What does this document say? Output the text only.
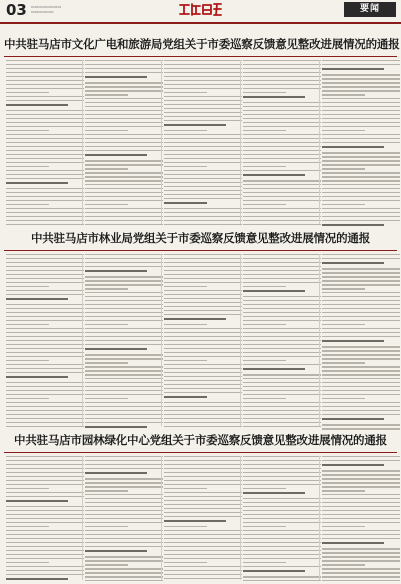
03 ▭▭▭▭▭▭▭▭
▭▭▭▭▭▭	要闻
中共驻马店市文化广电和旅游局党组关于市委巡察反馈意见整改进展情况的通报
中共驻马店市林业局党组关于市委巡察反馈意见整改进展情况的通报
中共驻马店市园林绿化中心党组关于市委巡察反馈意见整改进展情况的通报
